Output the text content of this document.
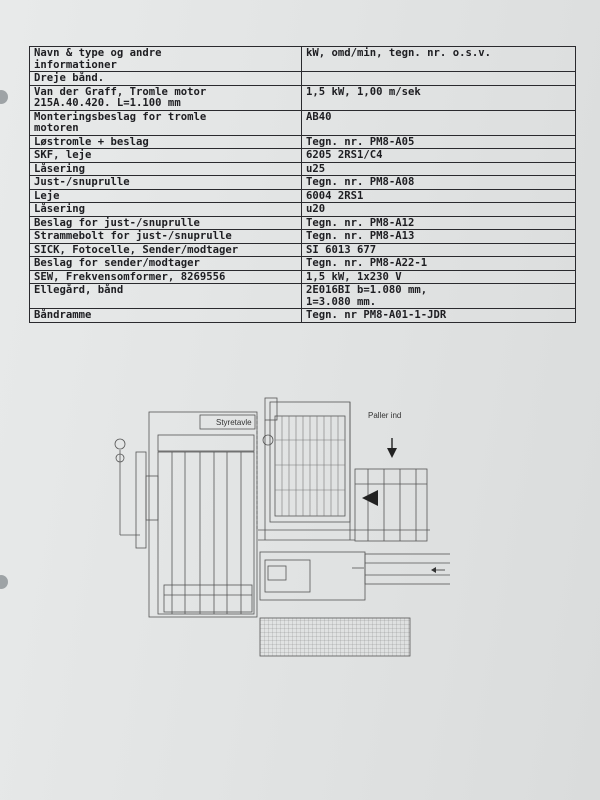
Navn & type og andre
informationer	kW, omd/min, tegn. nr. o.s.v.
Dreje bånd.	
Van der Graff, Tromle motor
215A.40.420. L=1.100 mm	1,5 kW, 1,00 m/sek
Monteringsbeslag for tromle
motoren	AB40
Løstromle + beslag	Tegn. nr. PM8-A05
SKF, leje	6205 2RS1/C4
Låsering	u25
Just-/snuprulle	Tegn. nr. PM8-A08
Leje	6004 2RS1
Låsering	u20
Beslag for just-/snuprulle	Tegn. nr. PM8-A12
Strammebolt for just-/snuprulle	Tegn. nr. PM8-A13
SICK, Fotocelle, Sender/modtager	SI 6013 677
Beslag for sender/modtager	Tegn. nr. PM8-A22-1
SEW, Frekvensomformer, 8269556	1,5 kW, 1x230 V
Ellegård, bånd	2E016BI b=1.080 mm,
1=3.080 mm.
Båndramme	Tegn. nr PM8-A01-1-JDR
Styretavle
Paller ind
